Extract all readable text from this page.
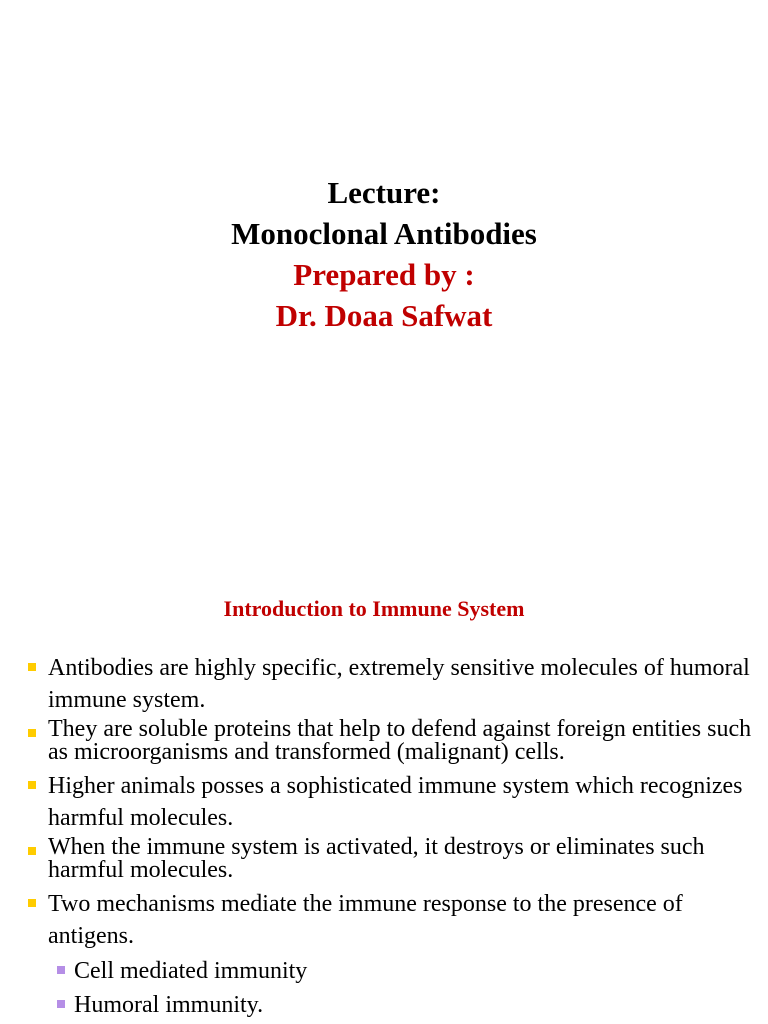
Lecture:
Monoclonal Antibodies
Prepared by :
Dr. Doaa Safwat
Introduction to Immune System
Antibodies are highly specific, extremely sensitive molecules of humoral immune system.
They are soluble proteins that help to defend against foreign entities such as microorganisms and transformed (malignant) cells.
Higher animals posses a sophisticated immune system which recognizes harmful molecules.
When the immune system is activated, it destroys or eliminates such harmful molecules.
Two mechanisms mediate the immune response to the presence of antigens.
Cell mediated immunity
Humoral immunity.
